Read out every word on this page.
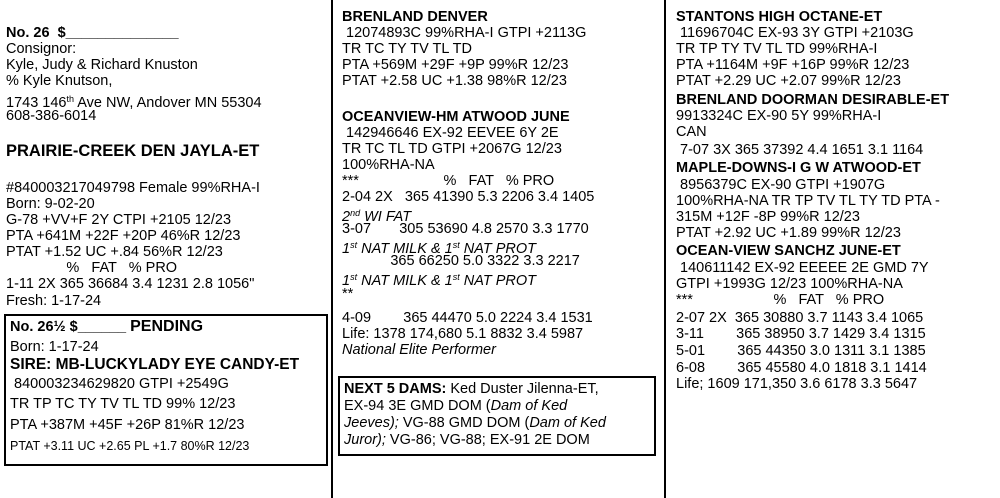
No. 26  $______________
Consignor:
Kyle, Judy & Richard Knuston
% Kyle Knutson,
1743 146th Ave NW, Andover MN 55304
608-386-6014
PRAIRIE-CREEK DEN JAYLA-ET
#840003217049798 Female 99%RHA-I
Born: 9-02-20
G-78 +VV+F 2Y CTPI +2105 12/23
PTA +641M +22F +20P 46%R 12/23
PTAT +1.52 UC +.84 56%R 12/23
%   FAT   % PRO
1-11 2X 365 36684 3.4 1231 2.8 1056"
Fresh: 1-17-24
No. 26½ $______ PENDING
Born: 1-17-24
SIRE: MB-LUCKYLADY EYE CANDY-ET
840003234629820 GTPI +2549G
TR TP TC TY TV TL TD 99% 12/23
PTA +387M +45F +26P 81%R 12/23
PTAT +3.11 UC +2.65 PL +1.7 80%R 12/23
BRENLAND DENVER
12074893C 99%RHA-I GTPI +2113G
TR TC TY TV TL TD
PTA +569M +29F +9P 99%R 12/23
PTAT +2.58 UC +1.38 98%R 12/23
OCEANVIEW-HM ATWOOD JUNE
142946646 EX-92 EEVEE 6Y 2E
TR TC TL TD GTPI +2067G 12/23
100%RHA-NA
***                     %   FAT   % PRO
2-04 2X   365 41390 5.3 2206 3.4 1405
2nd WI FAT
3-07       305 53690 4.8 2570 3.3 1770
1st NAT MILK & 1st NAT PROT
365 66250 5.0 3322 3.3 2217
1st NAT MILK & 1st NAT PROT
**
4-09        365 44470 5.0 2224 3.4 1531
Life: 1378 174,680 5.1 8832 3.4 5987
National Elite Performer
NEXT 5 DAMS: Ked Duster Jilenna-ET,
EX-94 3E GMD DOM (Dam of Ked
Jeeves); VG-88 GMD DOM (Dam of Ked
Juror); VG-86; VG-88; EX-91 2E DOM
STANTONS HIGH OCTANE-ET
11696704C EX-93 3Y GTPI +2103G
TR TP TY TV TL TD 99%RHA-I
PTA +1164M +9F +16P 99%R 12/23
PTAT +2.29 UC +2.07 99%R 12/23
BRENLAND DOORMAN DESIRABLE-ET
9913324C EX-90 5Y 99%RHA-I
CAN
7-07 3X 365 37392 4.4 1651 3.1 1164
MAPLE-DOWNS-I G W ATWOOD-ET
8956379C EX-90 GTPI +1907G
100%RHA-NA TR TP TV TL TY TD PTA -
315M +12F -8P 99%R 12/23
PTAT +2.92 UC +1.89 99%R 12/23
OCEAN-VIEW SANCHZ JUNE-ET
140611142 EX-92 EEEEE 2E GMD 7Y
GTPI +1993G 12/23 100%RHA-NA
***                    %   FAT   % PRO
2-07 2X  365 30880 3.7 1143 3.4 1065
3-11        365 38950 3.7 1429 3.4 1315
5-01        365 44350 3.0 1311 3.1 1385
6-08        365 45580 4.0 1818 3.1 1414
Life; 1609 171,350 3.6 6178 3.3 5647
